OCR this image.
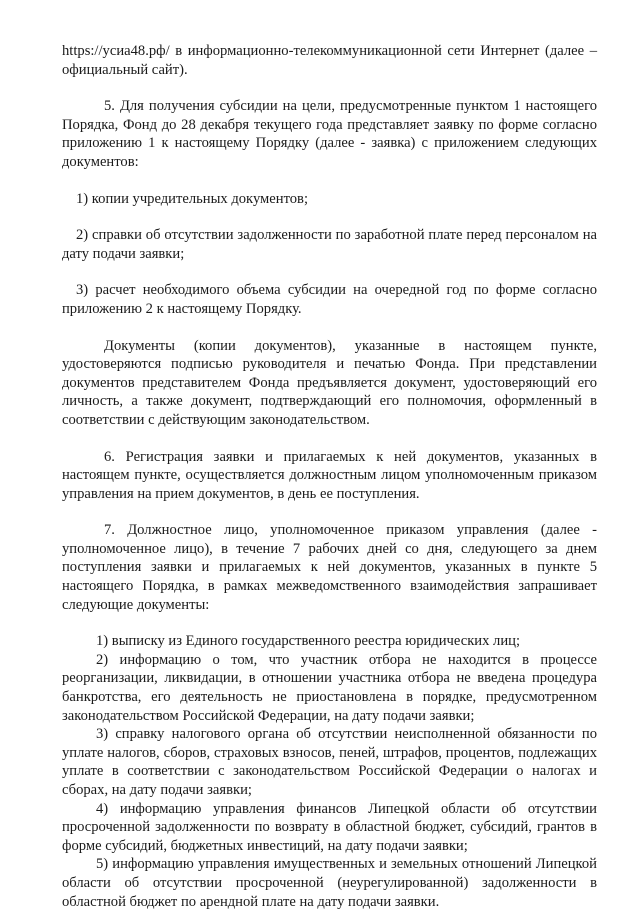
https://усиа48.рф/ в информационно-телекоммуникационной сети Интернет (далее – официальный сайт).

5. Для получения субсидии на цели, предусмотренные пунктом 1 настоящего Порядка, Фонд до 28 декабря текущего года представляет заявку по форме согласно приложению 1 к настоящему Порядку (далее - заявка) с приложением следующих документов:

1) копии учредительных документов;

2) справки об отсутствии задолженности по заработной плате перед персоналом на дату подачи заявки;

3) расчет необходимого объема субсидии на очередной год по форме согласно приложению 2 к настоящему Порядку.

Документы (копии документов), указанные в настоящем пункте, удостоверяются подписью руководителя и печатью Фонда. При представлении документов представителем Фонда предъявляется документ, удостоверяющий его личность, а также документ, подтверждающий его полномочия, оформленный в соответствии с действующим законодательством.

6. Регистрация заявки и прилагаемых к ней документов, указанных в настоящем пункте, осуществляется должностным лицом уполномоченным приказом управления на прием документов, в день ее поступления.

7. Должностное лицо, уполномоченное приказом управления (далее - уполномоченное лицо), в течение 7 рабочих дней со дня, следующего за днем поступления заявки и прилагаемых к ней документов, указанных в пункте 5 настоящего Порядка, в рамках межведомственного взаимодействия запрашивает следующие документы:

1) выписку из Единого государственного реестра юридических лиц;

2) информацию о том, что участник отбора не находится в процессе реорганизации, ликвидации, в отношении участника отбора не введена процедура банкротства, его деятельность не приостановлена в порядке, предусмотренном законодательством Российской Федерации, на дату подачи заявки;

3) справку налогового органа об отсутствии неисполненной обязанности по уплате налогов, сборов, страховых взносов, пеней, штрафов, процентов, подлежащих уплате в соответствии с законодательством Российской Федерации о налогах и сборах, на дату подачи заявки;

4) информацию управления финансов Липецкой области об отсутствии просроченной задолженности по возврату в областной бюджет, субсидий, грантов в форме субсидий, бюджетных инвестиций, на дату подачи заявки;

5) информацию управления имущественных и земельных отношений Липецкой области об отсутствии просроченной (неурегулированной) задолженности в областной бюджет по арендной плате на дату подачи заявки.
